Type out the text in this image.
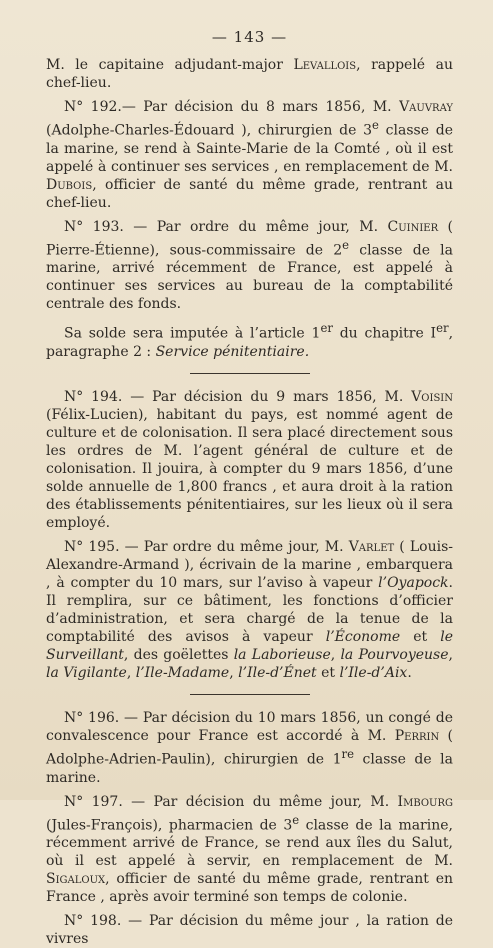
— 143 —

M. le capitaine adjudant-major Levallois, rappelé au chef-lieu.

N° 192.— Par décision du 8 mars 1856, M. Vauvray (Adolphe-Charles-Édouard ), chirurgien de 3e classe de la marine, se rend à Sainte-Marie de la Comté , où il est appelé à continuer ses services , en remplacement de M. Dubois, officier de santé du même grade, rentrant au chef-lieu.

N° 193. — Par ordre du même jour, M. Cuinier ( Pierre-Étienne), sous-commissaire de 2e classe de la marine, arrivé récemment de France, est appelé à continuer ses services au bureau de la comptabilité centrale des fonds.

Sa solde sera imputée à l’article 1er du chapitre Ier, paragraphe 2 : Service pénitentiaire.

N° 194. — Par décision du 9 mars 1856, M. Voisin (Félix-Lucien), habitant du pays, est nommé agent de culture et de colonisation. Il sera placé directement sous les ordres de M. l’agent général de culture et de colonisation. Il jouira, à compter du 9 mars 1856, d’une solde annuelle de 1,800 francs , et aura droit à la ration des établissements pénitentiaires, sur les lieux où il sera employé.

N° 195. — Par ordre du même jour, M. Varlet ( Louis-Alexandre-Armand ), écrivain de la marine , embarquera , à compter du 10 mars, sur l’aviso à vapeur l’Oyapock. Il remplira, sur ce bâtiment, les fonctions d’officier d’administration, et sera chargé de la tenue de la comptabilité des avisos à vapeur l’Économe et le Surveillant, des goëlettes la Laborieuse, la Pourvoyeuse, la Vigilante, l’Ile-Madame, l’Ile-d’Énet et l’Ile-d’Aix.

N° 196. — Par décision du 10 mars 1856, un congé de convalescence pour France est accordé à M. Perrin ( Adolphe-Adrien-Paulin), chirurgien de 1re classe de la marine.

N° 197. — Par décision du même jour, M. Imbourg (Jules-François), pharmacien de 3e classe de la marine, récemment arrivé de France, se rend aux îles du Salut, où il est appelé à servir, en remplacement de M. Sigaloux, officier de santé du même grade, rentrant en France , après avoir terminé son temps de colonie.

N° 198. — Par décision du même jour , la ration de vivres
